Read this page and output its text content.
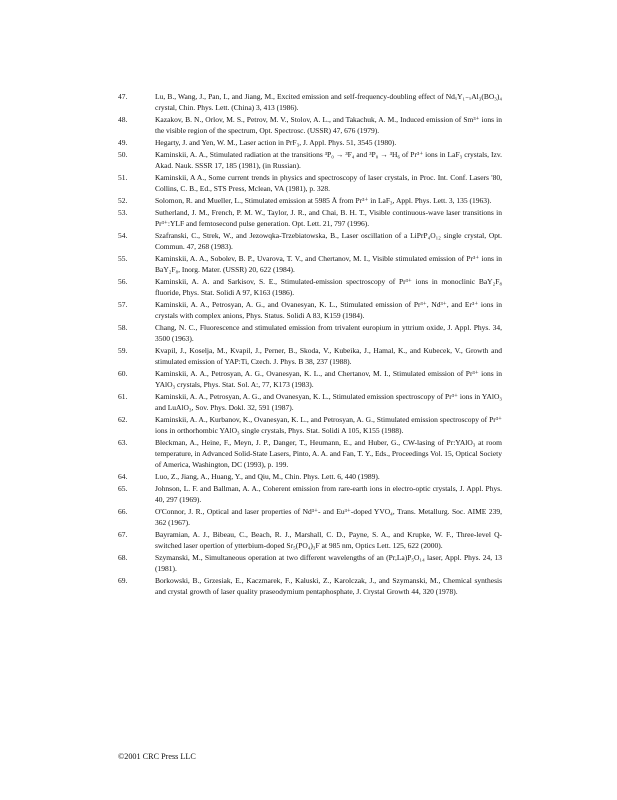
47.	Lu, B., Wang, J., Pan, I., and Jiang, M., Excited emission and self-frequency-doubling effect of NdₓY₁₋ₓAl₃(BO₃)₄ crystal, Chin. Phys. Lett. (China) 3, 413 (1986).
48.	Kazakov, B. N., Orlov, M. S., Petrov, M. V., Stolov, A. L., and Takachuk, A. M., Induced emission of Sm³⁺ ions in the visible region of the spectrum, Opt. Spectrosc. (USSR) 47, 676 (1979).
49.	Hegarty, J. and Yen, W. M., Laser action in PrF₃, J. Appl. Phys. 51, 3545 (1980).
50.	Kaminskii, A. A., Stimulated radiation at the transitions ³P₀ → ³F₄ and ³P₀ → ³H₆ of Pr³⁺ ions in LaF₃ crystals, Izv. Akad. Nauk. SSSR 17, 185 (1981), (in Russian).
51.	Kaminskii, A A., Some current trends in physics and spectroscopy of laser crystals, in Proc. Int. Conf. Lasers '80, Collins, C. B., Ed., STS Press, Mclean, VA (1981), p. 328.
52.	Solomon, R. and Mueller, L., Stimulated emission at 5985 Å from Pr³⁺ in LaF₃, Appl. Phys. Lett. 3, 135 (1963).
53.	Sutherland, J. M., French, P. M. W., Taylor, J. R., and Chai, B. H. T., Visible continuous-wave laser transitions in Pr³⁺:YLF and femtosecond pulse generation. Opt. Lett. 21, 797 (1996).
54.	Szafranski, C., Strek, W., and Jezowqka-Trzebiatowska, B., Laser oscillation of a LiPrP₄O₁₂ single crystal, Opt. Commun. 47, 268 (1983).
55.	Kaminskii, A. A., Sobolev, B. P., Uvarova, T. V., and Chertanov, M. I., Visible stimulated emission of Pr³⁺ ions in BaY₂F₈, Inorg. Mater. (USSR) 20, 622 (1984).
56.	Kaminskii, A. A. and Sarkisov, S. E., Stimulated-emission spectroscopy of Pr³⁺ ions in monoclinic BaY₂F₈ fluoride, Phys. Stat. Solidi A 97, K163 (1986).
57.	Kaminskii, A. A., Petrosyan, A. G., and Ovanesyan, K. L., Stimulated emission of Pr³⁺, Nd³⁺, and Er³⁺ ions in crystals with complex anions, Phys. Status. Solidi A 83, K159 (1984).
58.	Chang, N. C., Fluorescence and stimulated emission from trivalent europium in yttrium oxide, J. Appl. Phys. 34, 3500 (1963).
59.	Kvapil, J., Koselja, M., Kvapil, J., Perner, B., Skoda, V., Kubeika, J., Hamal, K., and Kubecek, V., Growth and stimulated emission of YAP:Ti, Czech. J. Phys. B 38, 237 (1988).
60.	Kaminskii, A. A., Petrosyan, A. G., Ovanesyan, K. L., and Chertanov, M. I., Stimulated emission of Pr³⁺ ions in YAlO₃ crystals, Phys. Stat. Sol. A:, 77, K173 (1983).
61.	Kaminskii, A. A., Petrosyan, A. G., and Ovanesyan, K. L., Stimulated emission spectroscopy of Pr³⁺ ions in YAlO₃ and LuAlO₃, Sov. Phys. Dokl. 32, 591 (1987).
62.	Kaminskii, A. A., Kurbanov, K., Ovanesyan, K. L., and Petrosyan, A. G., Stimulated emission spectroscopy of Pr³⁺ ions in orthorhombic YAlO₃ single crystals, Phys. Stat. Solidi A 105, K155 (1988).
63.	Bleckman, A., Heine, F., Meyn, J. P., Danger, T., Heumann, E., and Huber, G., CW-lasing of Pr:YAlO₃ at room temperature, in Advanced Solid-State Lasers, Pinto, A. A. and Fan, T. Y., Eds., Proceedings Vol. 15, Optical Society of America, Washington, DC (1993), p. 199.
64.	Luo, Z., Jiang, A., Huang, Y., and Qiu, M., Chin. Phys. Lett. 6, 440 (1989).
65.	Johnson, L. F. and Ballman, A. A., Coherent emission from rare-earth ions in electro-optic crystals, J. Appl. Phys. 40, 297 (1969).
66.	O'Connor, J. R., Optical and laser properties of Nd³⁺- and Eu³⁺-doped YVO₄, Trans. Metallurg. Soc. AIME 239, 362 (1967).
67.	Bayramian, A. J., Bibeau, C., Beach, R. J., Marshall, C. D., Payne, S. A., and Krupke, W. F., Three-level Q-switched laser opertion of ytterbium-doped Sr₅(PO₄)₃F at 985 nm, Optics Lett. 125, 622 (2000).
68.	Szymanski, M., Simultaneous operation at two different wavelengths of an (Pr,La)P₅O₁₄ laser, Appl. Phys. 24, 13 (1981).
69.	Borkowski, B., Grzesiak, E., Kaczmarek, F., Kaluski, Z., Karolczak, J., and Szymanski, M., Chemical synthesis and crystal growth of laser quality praseodymium pentaphosphate, J. Crystal Growth 44, 320 (1978).
©2001 CRC Press LLC
